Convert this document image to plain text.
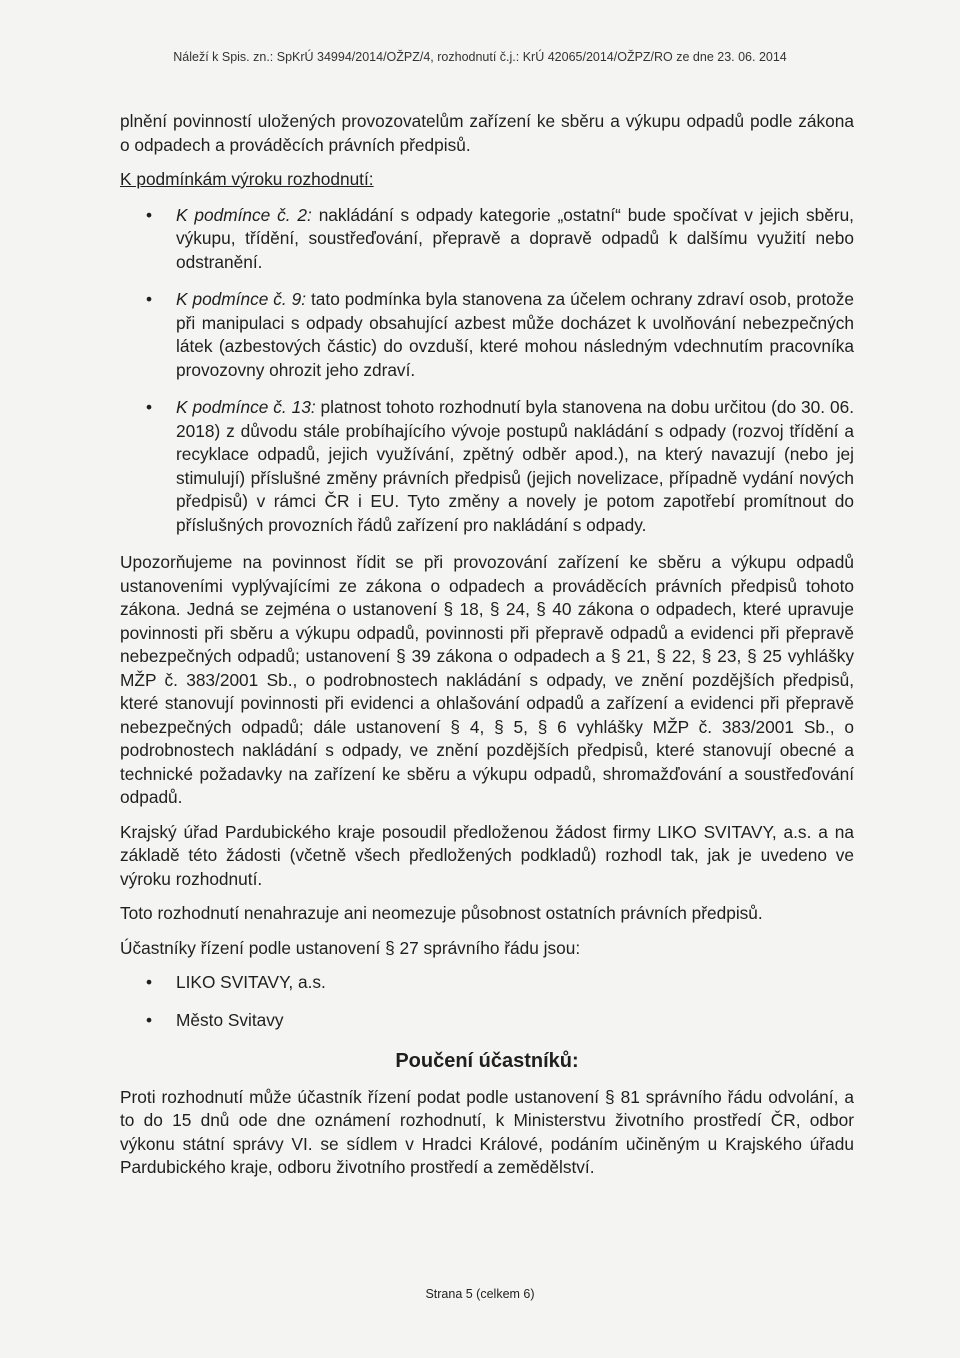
Náleží k Spis. zn.: SpKrÚ 34994/2014/OŽPZ/4, rozhodnutí č.j.: KrÚ 42065/2014/OŽPZ/RO ze dne 23. 06. 2014

plnění povinností uložených provozovatelům zařízení ke sběru a výkupu odpadů podle zákona o odpadech a prováděcích právních předpisů.

K podmínkám výroku rozhodnutí:

• K podmínce č. 2: nakládání s odpady kategorie „ostatní“ bude spočívat v jejich sběru, výkupu, třídění, soustřeďování, přepravě a dopravě odpadů k dalšímu využití nebo odstranění.
• K podmínce č. 9: tato podmínka byla stanovena za účelem ochrany zdraví osob, protože při manipulaci s odpady obsahující azbest může docházet k uvolňování nebezpečných látek (azbestových částic) do ovzduší, které mohou následným vdechnutím pracovníka provozovny ohrozit jeho zdraví.
• K podmínce č. 13: platnost tohoto rozhodnutí byla stanovena na dobu určitou (do 30. 06. 2018) z důvodu stále probíhajícího vývoje postupů nakládání s odpady (rozvoj třídění a recyklace odpadů, jejich využívání, zpětný odběr apod.), na který navazují (nebo jej stimulují) příslušné změny právních předpisů (jejich novelizace, případně vydání nových předpisů) v rámci ČR i EU. Tyto změny a novely je potom zapotřebí promítnout do příslušných provozních řádů zařízení pro nakládání s odpady.

Upozorňujeme na povinnost řídit se při provozování zařízení ke sběru a výkupu odpadů ustanoveními vyplývajícími ze zákona o odpadech a prováděcích právních předpisů tohoto zákona. Jedná se zejména o ustanovení § 18, § 24, § 40 zákona o odpadech, které upravuje povinnosti při sběru a výkupu odpadů, povinnosti při přepravě odpadů a evidenci při přepravě nebezpečných odpadů; ustanovení § 39 zákona o odpadech a § 21, § 22, § 23, § 25 vyhlášky MŽP č. 383/2001 Sb., o podrobnostech nakládání s odpady, ve znění pozdějších předpisů, které stanovují povinnosti při evidenci a ohlašování odpadů a zařízení a evidenci při přepravě nebezpečných odpadů; dále ustanovení § 4, § 5, § 6 vyhlášky MŽP č. 383/2001 Sb., o podrobnostech nakládání s odpady, ve znění pozdějších předpisů, které stanovují obecné a technické požadavky na zařízení ke sběru a výkupu odpadů, shromažďování a soustřeďování odpadů.

Krajský úřad Pardubického kraje posoudil předloženou žádost firmy LIKO SVITAVY, a.s. a na základě této žádosti (včetně všech předložených podkladů) rozhodl tak, jak je uvedeno ve výroku rozhodnutí.

Toto rozhodnutí nenahrazuje ani neomezuje působnost ostatních právních předpisů.

Účastníky řízení podle ustanovení § 27 správního řádu jsou:

• LIKO SVITAVY, a.s.
• Město Svitavy
Poučení účastníků:

Proti rozhodnutí může účastník řízení podat podle ustanovení § 81 správního řádu odvolání, a to do 15 dnů ode dne oznámení rozhodnutí, k Ministerstvu životního prostředí ČR, odbor výkonu státní správy VI. se sídlem v Hradci Králové, podáním učiněným u Krajského úřadu Pardubického kraje, odboru životního prostředí a zemědělství.

Strana 5 (celkem 6)
